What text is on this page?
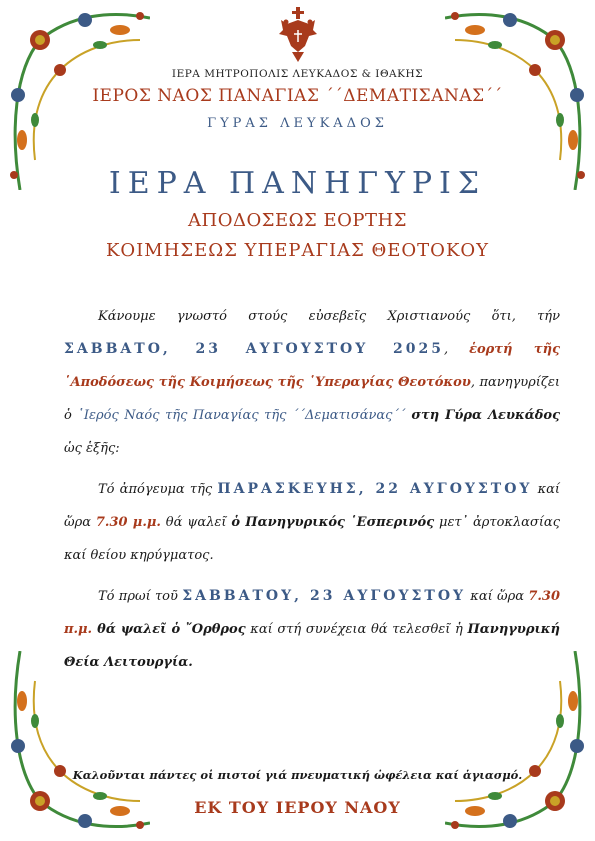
ΙΕΡΑ ΜΗΤΡΟΠΟΛΙΣ ΛΕΥΚΑΔΟΣ & ΙΘΑΚΗΣ
ΙΕΡΟΣ ΝΑΟΣ ΠΑΝΑΓΙΑΣ ΄΄ΔΕΜΑΤΙΣΑΝΑΣ΄΄
ΓΥΡΑΣ ΛΕΥΚΑΔΟΣ
ΙΕΡΑ ΠΑΝΗΓΥΡΙΣ
ΑΠΟΔΟΣΕΩΣ ΕΟΡΤΗΣ
ΚΟΙΜΗΣΕΩΣ ΥΠΕΡΑΓΙΑΣ ΘΕΟΤΟΚΟΥ

Κάνουμε γνωστό στούς εὐσεβεῖς Χριστιανούς ὅτι, τήν ΣΑΒΒΑΤΟ, 23 ΑΥΓΟΥΣΤΟΥ 2025, ἑορτή τῆς ῾Αποδόσεως τῆς Κοιμήσεως τῆς ῾Υπεραγίας Θεοτόκου, πανηγυρίζει ὁ ῾Ιερός Ναός τῆς Παναγίας τῆς ΄΄Δεματισάνας΄΄ στη Γύρα Λευκάδος ὡς ἑξῆς:

Τό ἀπόγευμα τῆς ΠΑΡΑΣΚΕΥΗΣ, 22 ΑΥΓΟΥΣΤΟΥ καί ὥρα 7.30 μ.μ. θά ψαλεῖ ὁ Πανηγυρικός ῾Εσπερινός μετ᾽ ἀρτοκλασίας καί θείου κηρύγματος.

Τό πρωί τοῦ ΣΑΒΒΑΤΟΥ, 23 ΑΥΓΟΥΣΤΟΥ καί ὥρα 7.30 π.μ. θά ψαλεῖ ὁ ῎Ορθρος καί στή συνέχεια θά τελεσθεῖ ἡ Πανηγυρική Θεία Λειτουργία.

Καλοῦνται πάντες οἱ πιστοί γιά πνευματική ὠφέλεια καί ἁγιασμό.
ΕΚ ΤΟΥ ΙΕΡΟΥ ΝΑΟΥ
